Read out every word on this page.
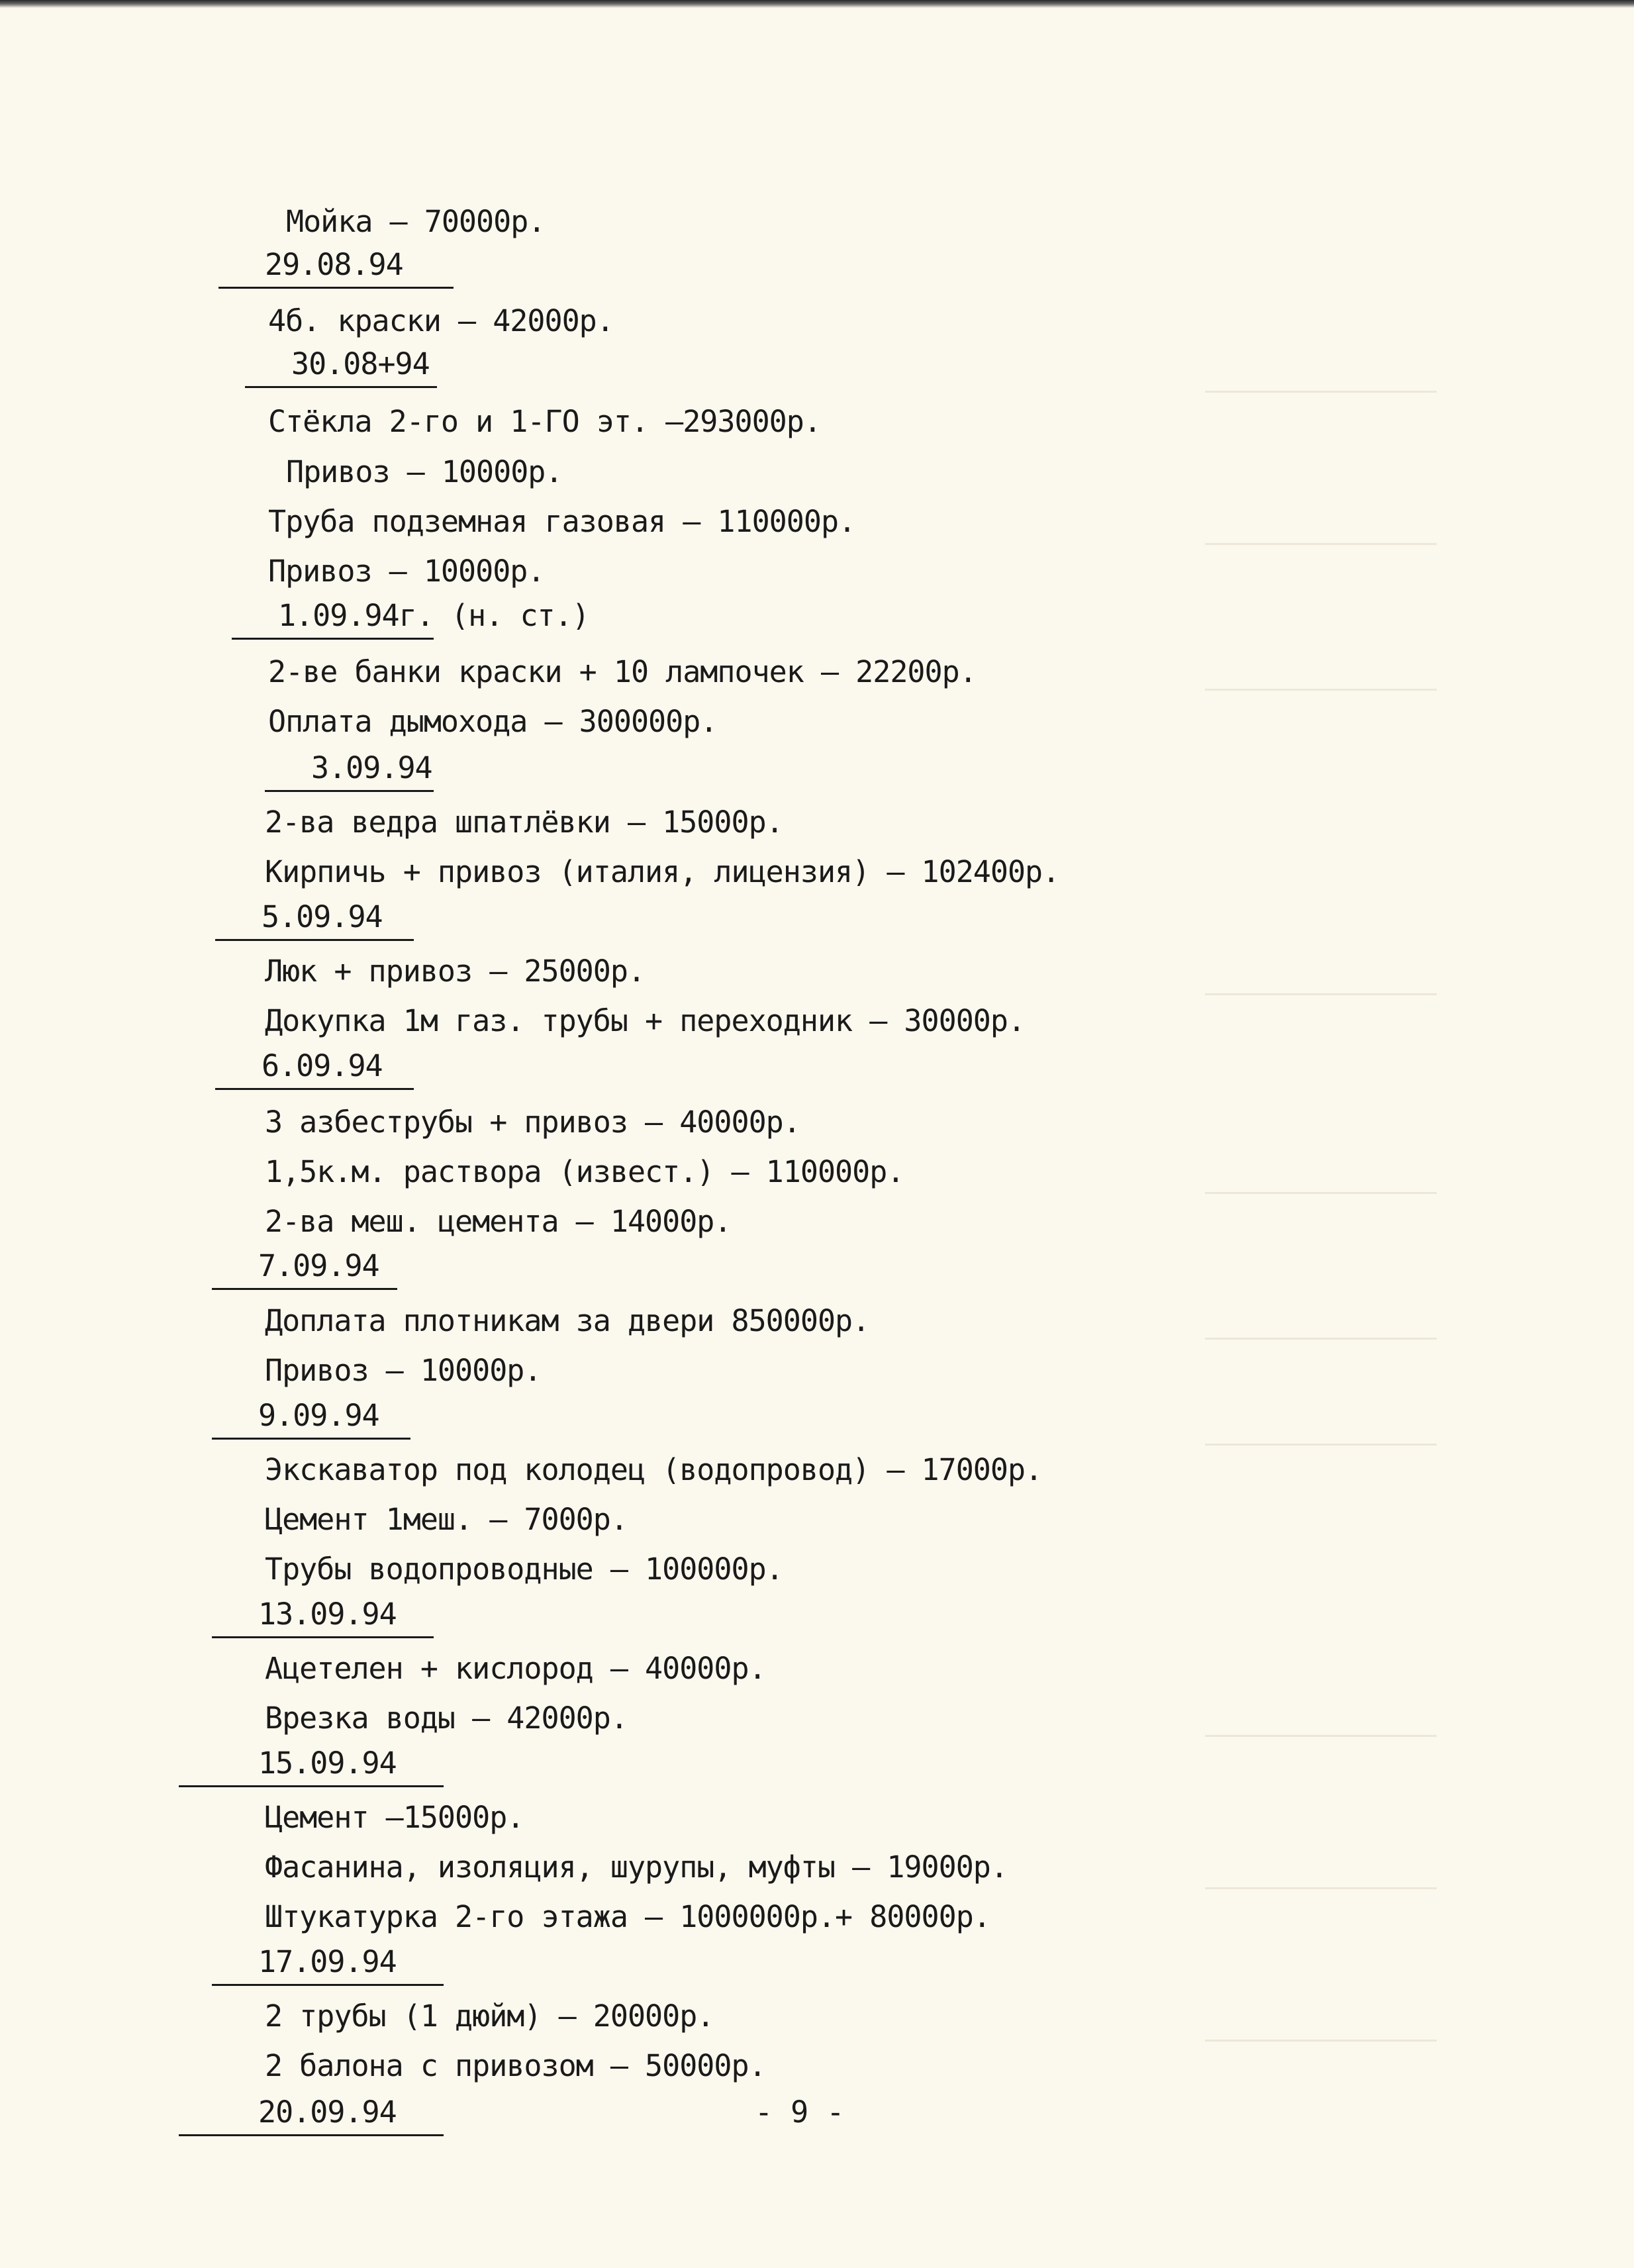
Мойка — 70000р.
29.08.94
4б. краски — 42000р.
30.08+94
Стёкла 2-го и 1-ГО эт. —293000р.
Привоз — 10000р.
Труба подземная газовая — 110000р.
Привоз — 10000р.
1.09.94г. (н. ст.)
2-ве банки краски + 10 лампочек — 22200р.
Оплата дымохода — 300000р.
3.09.94
2-ва ведра шпатлёвки — 15000р.
Кирпичь + привоз (италия, лицензия) — 102400р.
5.09.94
Люк + привоз — 25000р.
Докупка 1м газ. трубы + переходник — 30000р.
6.09.94
3 азбеструбы + привоз — 40000р.
1,5к.м. раствора (извест.) — 110000р.
2-ва меш. цемента — 14000р.
7.09.94
Доплата плотникам за двери 850000р.
Привоз — 10000р.
9.09.94
Экскаватор под колодец (водопровод) — 17000р.
Цемент 1меш. — 7000р.
Трубы водопроводные — 100000р.
13.09.94
Ацетелен + кислород — 40000р.
Врезка воды — 42000р.
15.09.94
Цемент —15000р.
Фасанина, изоляция, шурупы, муфты — 19000р.
Штукатурка 2-го этажа — 1000000р.+ 80000р.
17.09.94
2 трубы (1 дюйм) — 20000р.
2 балона с привозом — 50000р.
20.09.94	- 9 -
